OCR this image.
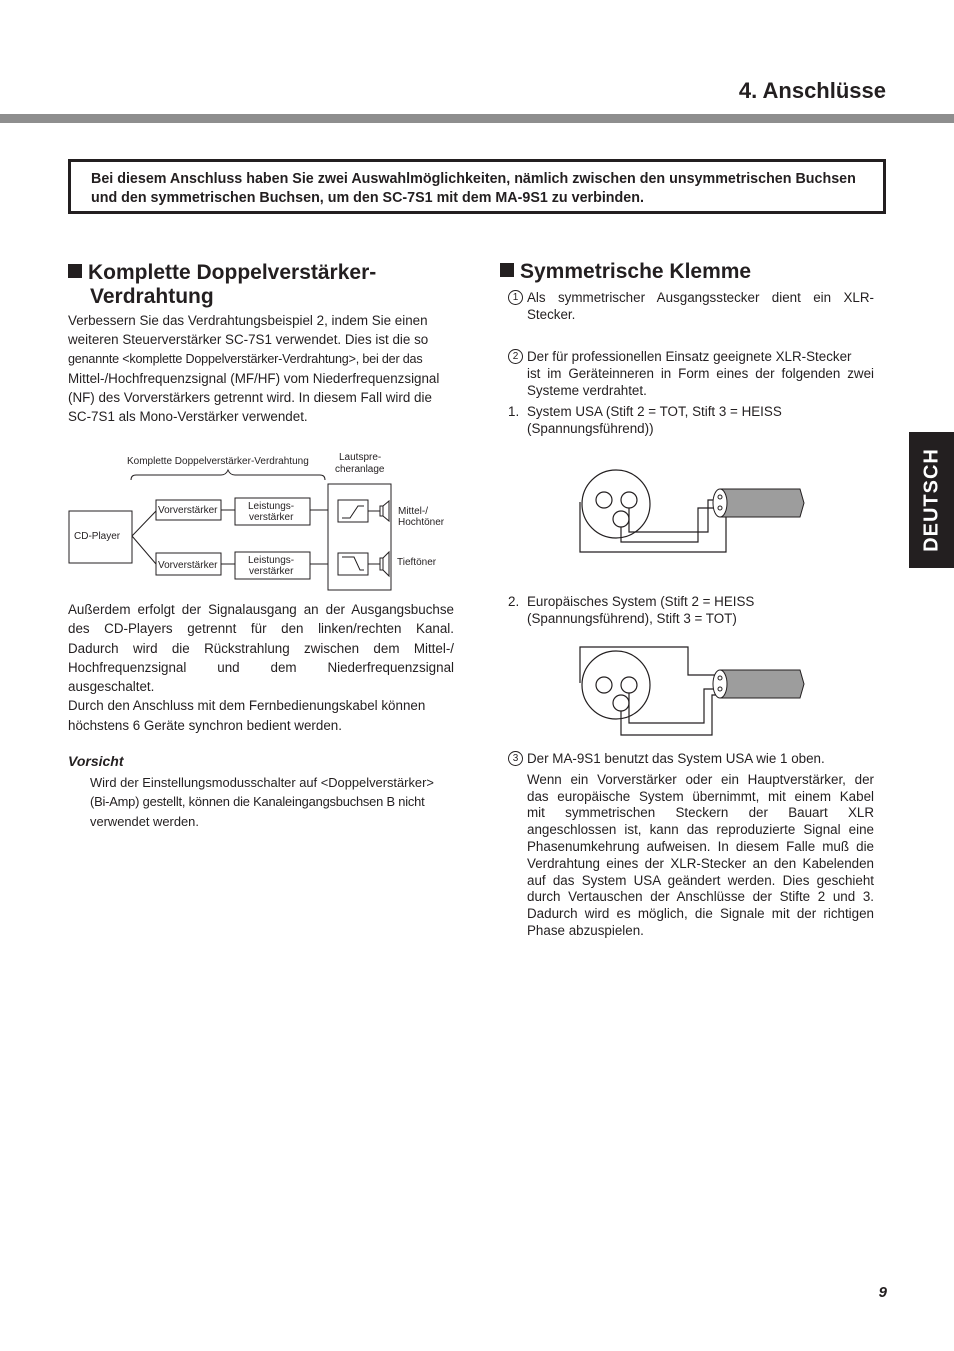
4. Anschlüsse

Bei diesem Anschluss haben Sie zwei Auswahlmöglichkeiten, nämlich zwischen den unsymmetrischen Buchsen und den symmetrischen Buchsen, um den SC-7S1 mit dem MA-9S1 zu verbinden.

Komplette Doppelverstärker-
Verdrahtung

Verbessern Sie das Verdrahtungsbeispiel 2, indem Sie einen

weiteren Steuerverstärker SC-7S1 verwendet. Dies ist die so

genannte <komplette Doppelverstärker-Verdrahtung>, bei der das

Mittel-/Hochfrequenzsignal (MF/HF) vom Niederfrequenzsignal

(NF) des Vorverstärkers getrennt wird. In diesem Fall wird die

SC-7S1 als Mono-Verstärker verwendet.

Komplette Doppelverstärker-Verdrahtung	Lautspre-
cheranlage
CD-Player
Vorverstärker
Vorverstärker
Leistungs-
verstärker
Leistungs-
verstärker
Mittel-/
Hochtöner
Tieftöner

Außerdem erfolgt der Signalausgang an der Ausgangsbuchse

des CD-Players getrennt für den linken/rechten Kanal.

Dadurch wird die Rückstrahlung zwischen dem Mittel-/

Hochfrequenzsignal und dem Niederfrequenzsignal

ausgeschaltet.

Durch den Anschluss mit dem Fernbedienungskabel können

höchstens 6 Geräte synchron bedient werden.

Vorsicht

Wird der Einstellungsmodusschalter auf <Doppelverstärker>

(Bi-Amp) gestellt, können die Kanaleingangsbuchsen B nicht

verwendet werden.

Symmetrische Klemme
1 Als symmetrischer Ausgangsstecker dient ein XLR-

Stecker.

2 Der für professionellen Einsatz geeignete XLR-Stecker

ist im Geräteinneren in Form eines der folgenden zwei

Systeme verdrahtet.

1. System USA (Stift 2 = TOT, Stift 3 = HEISS

(Spannungsführend))

2. Europäisches System (Stift 2 = HEISS

(Spannungsführend), Stift 3 = TOT)

3 Der MA-9S1 benutzt das System USA wie 1 oben.

Wenn ein Vorverstärker oder ein Hauptverstärker, der

das europäische System übernimmt, mit einem Kabel

mit symmetrischen Steckern der Bauart XLR

angeschlossen ist, kann das reproduzierte Signal eine

Phasenumkehrung aufweisen. In diesem Falle muß die

Verdrahtung eines der XLR-Stecker an den Kabelenden

auf das System USA geändert werden. Dies geschieht

durch Vertauschen der Anschlüsse der Stifte 2 und 3.

Dadurch wird es möglich, die Signale mit der richtigen

Phase abzuspielen.

DEUTSCH
9
